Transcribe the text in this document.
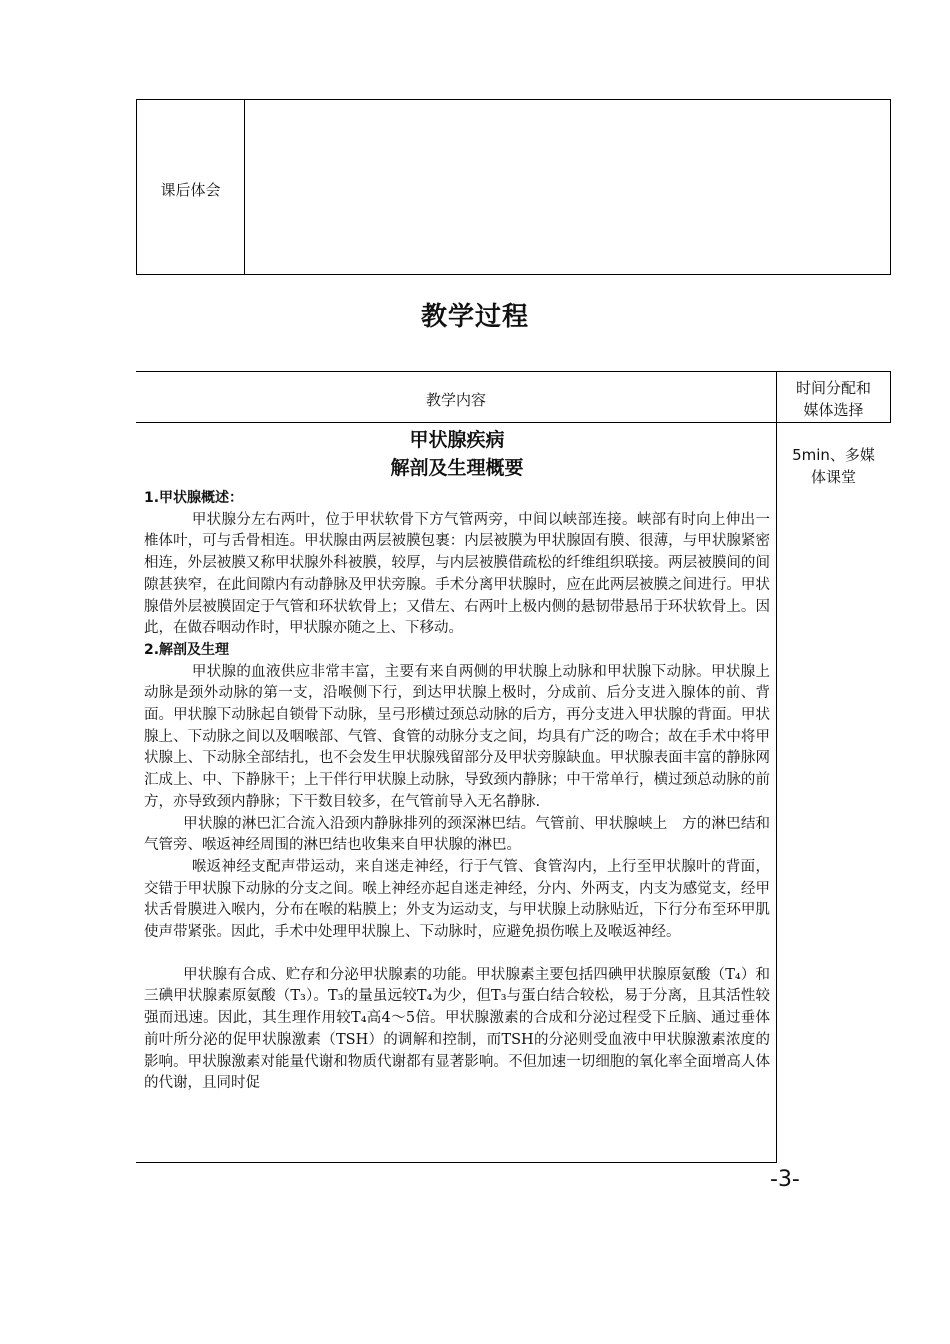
课后体会
教学过程
教学内容
时间分配和
媒体选择
5min、多媒
体课堂
甲状腺疾病
解剖及生理概要
1.甲状腺概述：

甲状腺分左右两叶，位于甲状软骨下方气管两旁，中间以峡部连接。峡部有时向上伸出一椎体叶，可与舌骨相连。甲状腺由两层被膜包裹：内层被膜为甲状腺固有膜、很薄，与甲状腺紧密相连，外层被膜又称甲状腺外科被膜，较厚，与内层被膜借疏松的纤维组织联接。两层被膜间的间隙甚狭窄，在此间隙内有动静脉及甲状旁腺。手术分离甲状腺时，应在此两层被膜之间进行。甲状腺借外层被膜固定于气管和环状软骨上；又借左、右两叶上极内侧的悬韧带悬吊于环状软骨上。因此，在做吞咽动作时，甲状腺亦随之上、下移动。

2.解剖及生理

甲状腺的血液供应非常丰富，主要有来自两侧的甲状腺上动脉和甲状腺下动脉。甲状腺上动脉是颈外动脉的第一支，沿喉侧下行，到达甲状腺上极时，分成前、后分支进入腺体的前、背面。甲状腺下动脉起自锁骨下动脉，呈弓形横过颈总动脉的后方，再分支进入甲状腺的背面。甲状腺上、下动脉之间以及咽喉部、气管、食管的动脉分支之间，均具有广泛的吻合；故在手术中将甲状腺上、下动脉全部结扎，也不会发生甲状腺残留部分及甲状旁腺缺血。甲状腺表面丰富的静脉网汇成上、中、下静脉干；上干伴行甲状腺上动脉，导致颈内静脉；中干常单行，横过颈总动脉的前方，亦导致颈内静脉；下干数目较多，在气管前导入无名静脉.

甲状腺的淋巴汇合流入沿颈内静脉排列的颈深淋巴结。气管前、甲状腺峡上　方的淋巴结和气管旁、喉返神经周围的淋巴结也收集来自甲状腺的淋巴。

喉返神经支配声带运动，来自迷走神经，行于气管、食管沟内，上行至甲状腺叶的背面，交错于甲状腺下动脉的分支之间。喉上神经亦起自迷走神经，分内、外两支，内支为感觉支，经甲状舌骨膜进入喉内，分布在喉的粘膜上；外支为运动支，与甲状腺上动脉贴近，下行分布至环甲肌使声带紧张。因此，手术中处理甲状腺上、下动脉时，应避免损伤喉上及喉返神经。

甲状腺有合成、贮存和分泌甲状腺素的功能。甲状腺素主要包括四碘甲状腺原氨酸（T₄）和三碘甲状腺素原氨酸（T₃）。T₃的量虽远较T₄为少，但T₃与蛋白结合较松，易于分离，且其活性较强而迅速。因此，其生理作用较T₄高4～5倍。甲状腺激素的合成和分泌过程受下丘脑、通过垂体前叶所分泌的促甲状腺激素（TSH）的调解和控制，而TSH的分泌则受血液中甲状腺激素浓度的影响。甲状腺激素对能量代谢和物质代谢都有显著影响。不但加速一切细胞的氧化率全面增高人体的代谢，且同时促

-3-
